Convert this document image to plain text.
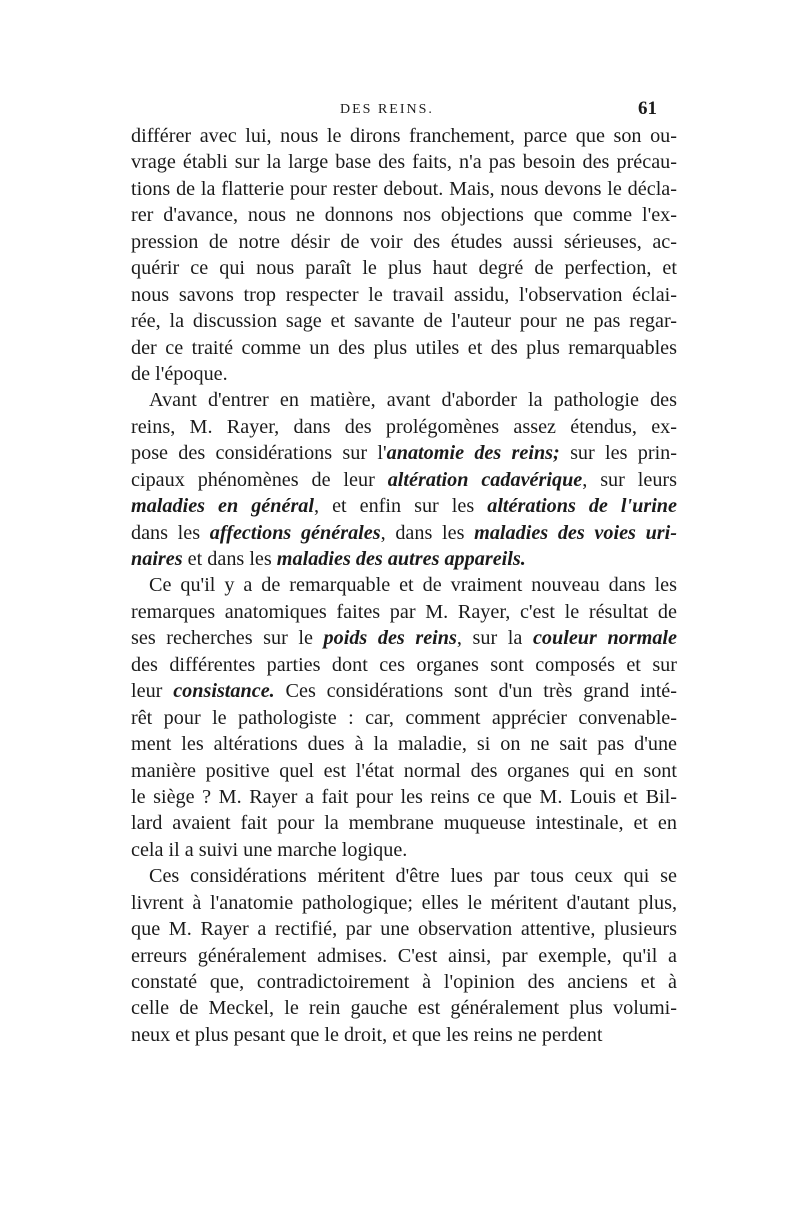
DES REINS.	61
différer avec lui, nous le dirons franchement, parce que son ou-
vrage établi sur la large base des faits, n'a pas besoin des précau-
tions de la flatterie pour rester debout. Mais, nous devons le décla-
rer d'avance, nous ne donnons nos objections que comme l'ex-
pression de notre désir de voir des études aussi sérieuses, ac-
quérir ce qui nous paraît le plus haut degré de perfection, et
nous savons trop respecter le travail assidu, l'observation éclai-
rée, la discussion sage et savante de l'auteur pour ne pas regar-
der ce traité comme un des plus utiles et des plus remarquables
de l'époque.
Avant d'entrer en matière, avant d'aborder la pathologie des
reins, M. Rayer, dans des prolégomènes assez étendus, ex-
pose des considérations sur l'anatomie des reins; sur les prin-
cipaux phénomènes de leur altération cadavérique, sur leurs
maladies en général, et enfin sur les altérations de l'urine
dans les affections générales, dans les maladies des voies uri-
naires et dans les maladies des autres appareils.
Ce qu'il y a de remarquable et de vraiment nouveau dans les
remarques anatomiques faites par M. Rayer, c'est le résultat de
ses recherches sur le poids des reins, sur la couleur normale
des différentes parties dont ces organes sont composés et sur
leur consistance. Ces considérations sont d'un très grand inté-
rêt pour le pathologiste : car, comment apprécier convenable-
ment les altérations dues à la maladie, si on ne sait pas d'une
manière positive quel est l'état normal des organes qui en sont
le siège ? M. Rayer a fait pour les reins ce que M. Louis et Bil-
lard avaient fait pour la membrane muqueuse intestinale, et en
cela il a suivi une marche logique.
Ces considérations méritent d'être lues par tous ceux qui se
livrent à l'anatomie pathologique; elles le méritent d'autant plus,
que M. Rayer a rectifié, par une observation attentive, plusieurs
erreurs généralement admises. C'est ainsi, par exemple, qu'il a
constaté que, contradictoirement à l'opinion des anciens et à
celle de Meckel, le rein gauche est généralement plus volumi-
neux et plus pesant que le droit, et que les reins ne perdent
